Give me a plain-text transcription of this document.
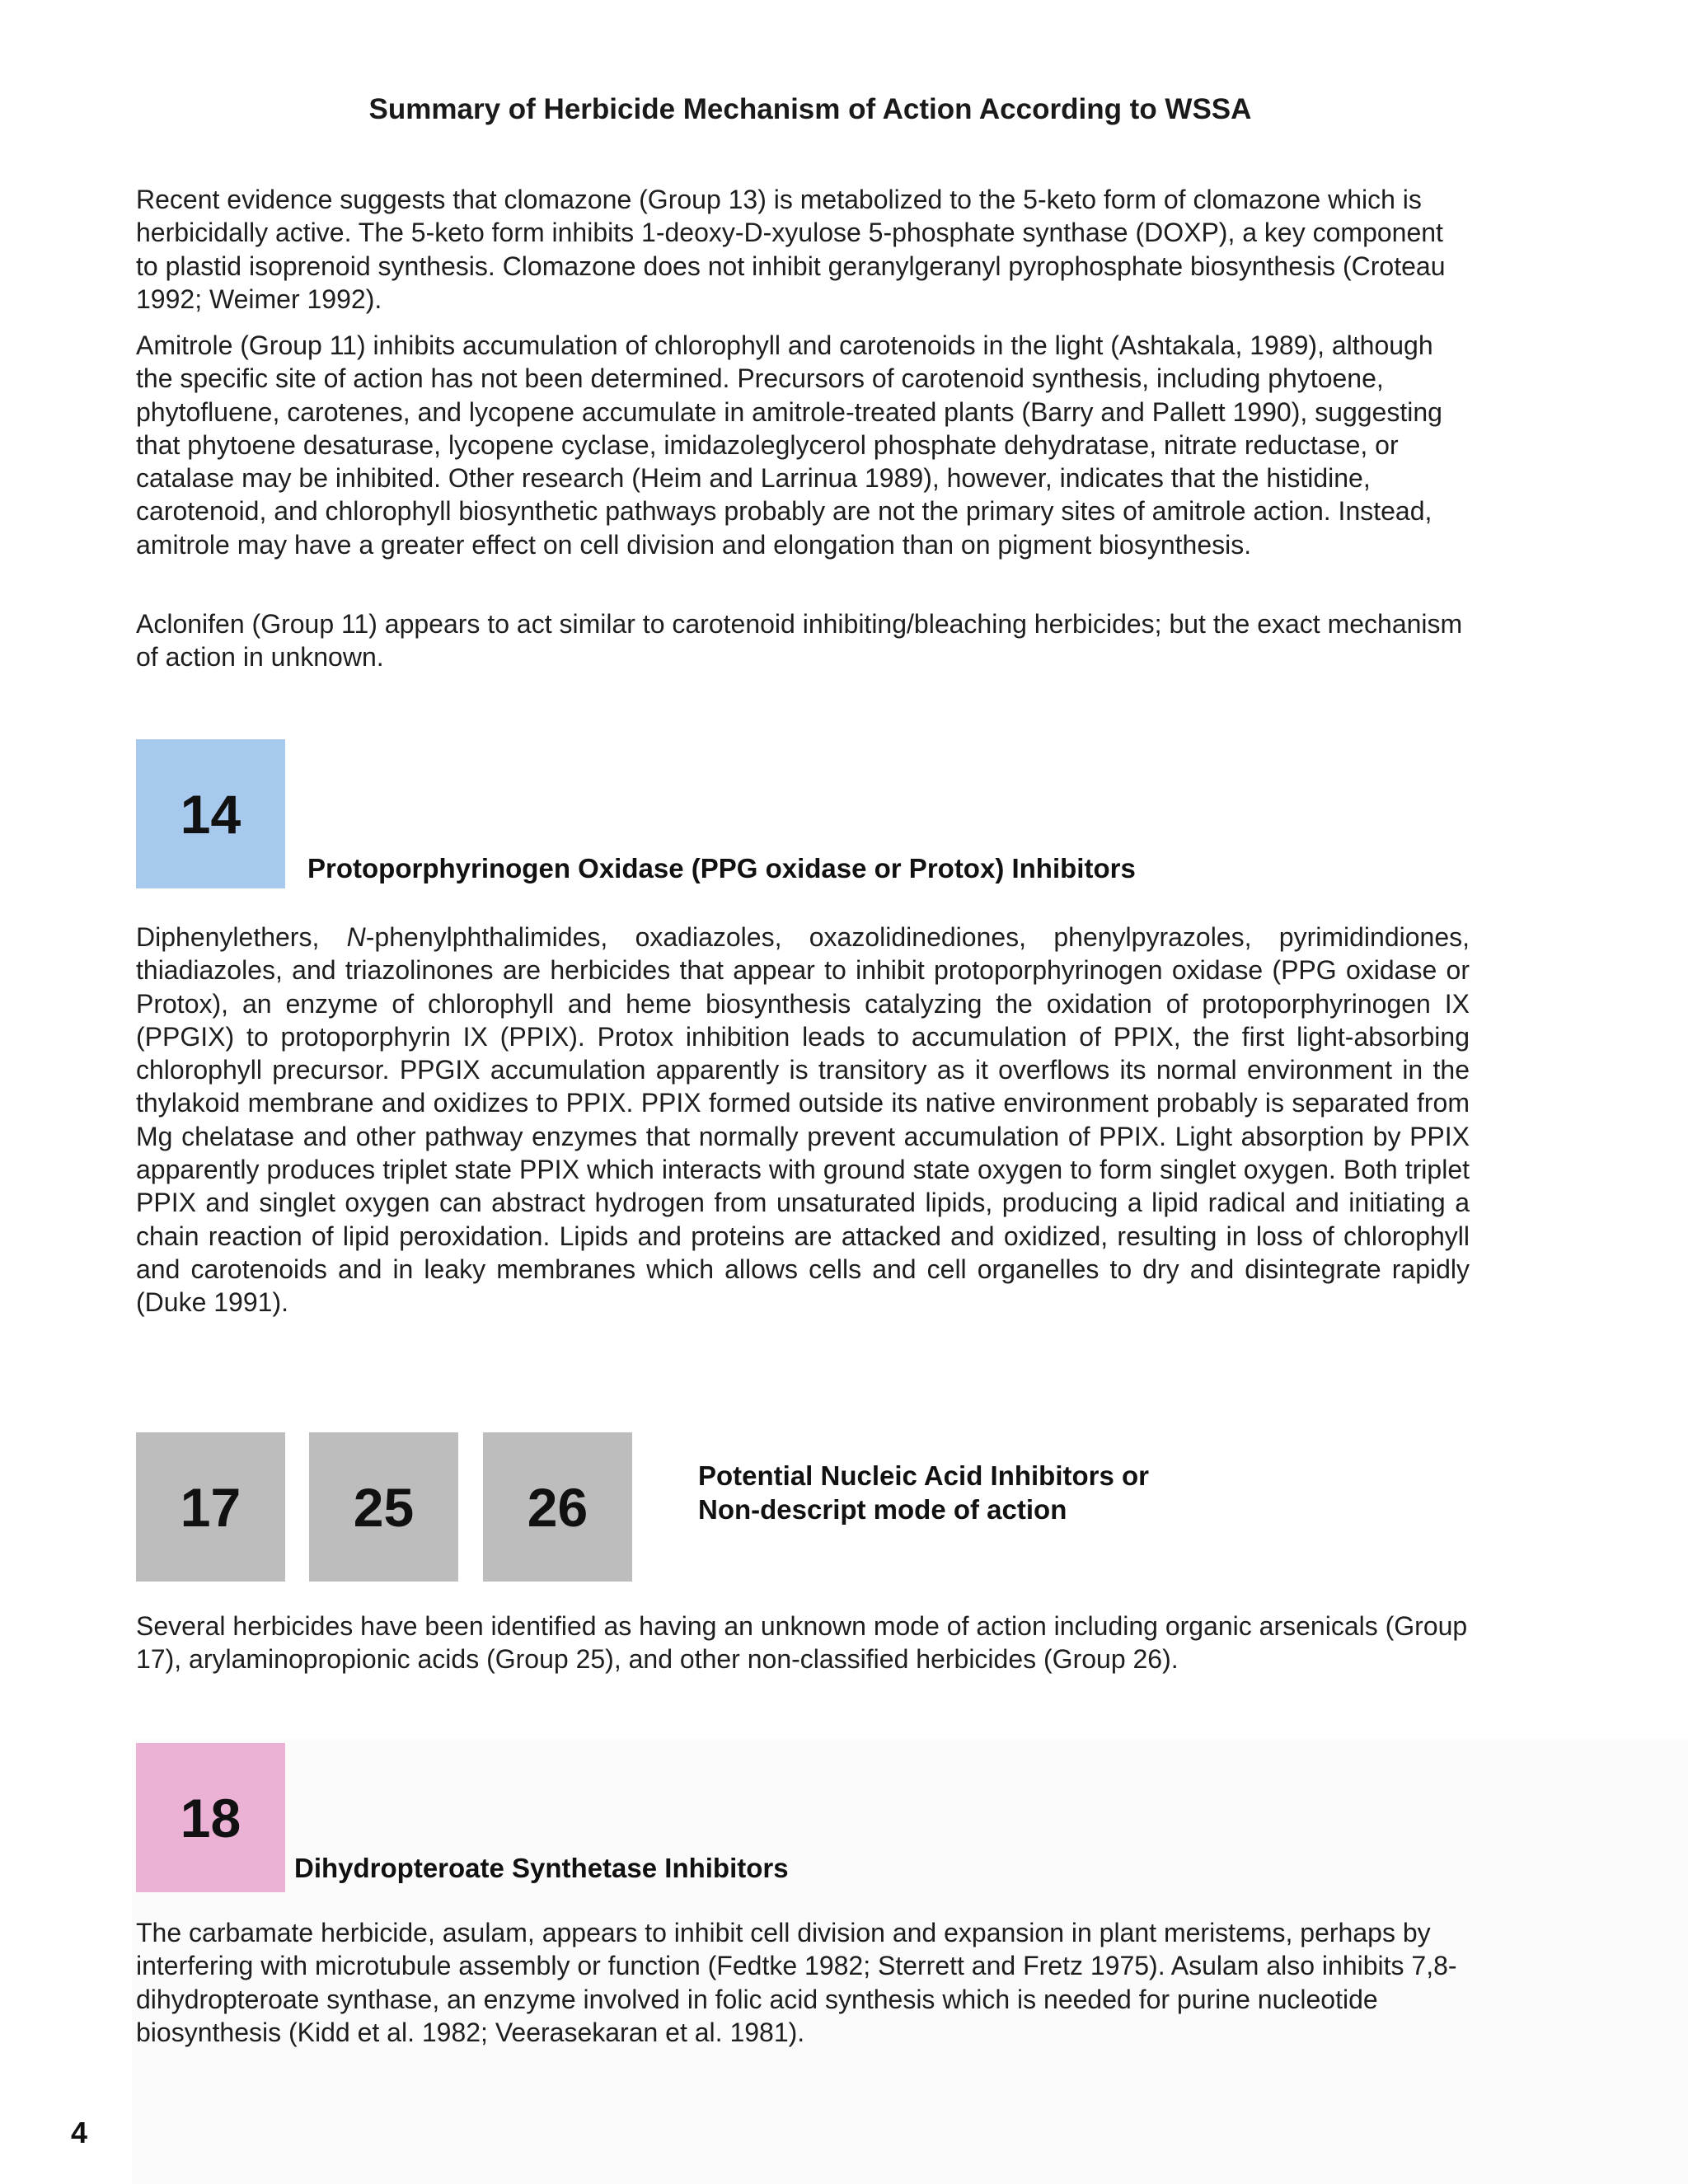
Summary of Herbicide Mechanism of Action According to WSSA

Recent evidence suggests that clomazone (Group 13) is metabolized to the 5-keto form of clomazone which is herbicidally active. The 5-keto form inhibits 1-deoxy-D-xyulose 5-phosphate synthase (DOXP), a key component to plastid isoprenoid synthesis. Clomazone does not inhibit geranylgeranyl pyrophosphate biosynthesis (Croteau 1992; Weimer 1992).

Amitrole (Group 11) inhibits accumulation of chlorophyll and carotenoids in the light (Ashtakala, 1989), although the specific site of action has not been determined. Precursors of carotenoid synthesis, including phytoene, phytofluene, carotenes, and lycopene accumulate in amitrole-treated plants (Barry and Pallett 1990), suggesting that phytoene desaturase, lycopene cyclase, imidazoleglycerol phosphate dehydratase, nitrate reductase, or catalase may be inhibited. Other research (Heim and Larrinua 1989), however, indicates that the histidine, carotenoid, and chlorophyll biosynthetic pathways probably are not the primary sites of amitrole action. Instead, amitrole may have a greater effect on cell division and elongation than on pigment biosynthesis.

Aclonifen (Group 11) appears to act similar to carotenoid inhibiting/bleaching herbicides; but the exact mechanism of action in unknown.

14
Protoporphyrinogen Oxidase (PPG oxidase or Protox) Inhibitors

Diphenylethers, N-phenylphthalimides, oxadiazoles, oxazolidinediones, phenylpyrazoles, pyrimidindiones, thiadiazoles, and triazolinones are herbicides that appear to inhibit protoporphyrinogen oxidase (PPG oxidase or Protox), an enzyme of chlorophyll and heme biosynthesis catalyzing the oxidation of protoporphyrinogen IX (PPGIX) to protoporphyrin IX (PPIX). Protox inhibition leads to accumulation of PPIX, the first light-absorbing chlorophyll precursor. PPGIX accumulation apparently is transitory as it overflows its normal environment in the thylakoid membrane and oxidizes to PPIX. PPIX formed outside its native environment probably is separated from Mg chelatase and other pathway enzymes that normally prevent accumulation of PPIX. Light absorption by PPIX apparently produces triplet state PPIX which interacts with ground state oxygen to form singlet oxygen. Both triplet PPIX and singlet oxygen can abstract hydrogen from unsaturated lipids, producing a lipid radical and initiating a chain reaction of lipid peroxidation. Lipids and proteins are attacked and oxidized, resulting in loss of chlorophyll and carotenoids and in leaky membranes which allows cells and cell organelles to dry and disintegrate rapidly (Duke 1991).

17	25	26
Potential Nucleic Acid Inhibitors or
Non-descript mode of action

Several herbicides have been identified as having an unknown mode of action including organic arsenicals (Group 17), arylaminopropionic acids (Group 25), and other non-classified herbicides (Group 26).

18
Dihydropteroate Synthetase Inhibitors

The carbamate herbicide, asulam, appears to inhibit cell division and expansion in plant meristems, perhaps by interfering with microtubule assembly or function (Fedtke 1982; Sterrett and Fretz 1975). Asulam also inhibits 7,8-dihydropteroate synthase, an enzyme involved in folic acid synthesis which is needed for purine nucleotide biosynthesis (Kidd et al. 1982; Veerasekaran et al. 1981).

4
